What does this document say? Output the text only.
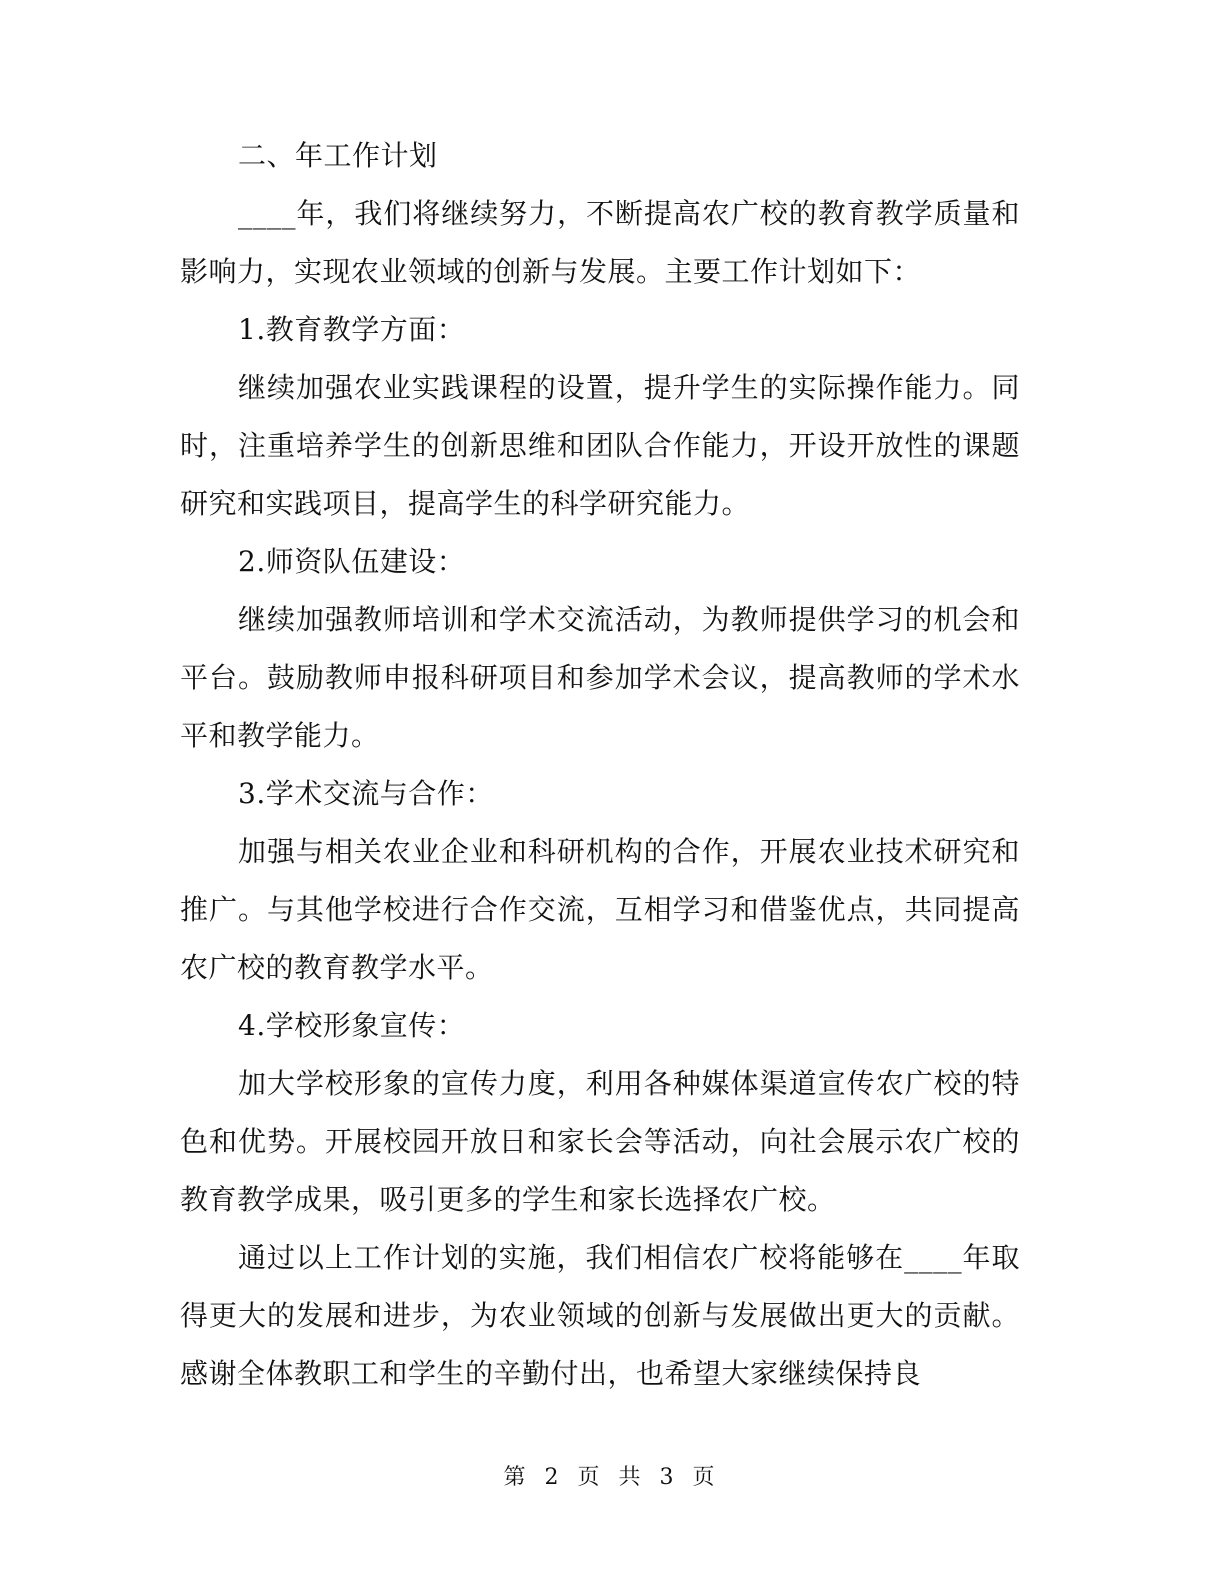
二、年工作计划

____年，我们将继续努力，不断提高农广校的教育教学质量和影响力，实现农业领域的创新与发展。主要工作计划如下：

1.教育教学方面：

继续加强农业实践课程的设置，提升学生的实际操作能力。同时，注重培养学生的创新思维和团队合作能力，开设开放性的课题研究和实践项目，提高学生的科学研究能力。

2.师资队伍建设：

继续加强教师培训和学术交流活动，为教师提供学习的机会和平台。鼓励教师申报科研项目和参加学术会议，提高教师的学术水平和教学能力。

3.学术交流与合作：

加强与相关农业企业和科研机构的合作，开展农业技术研究和推广。与其他学校进行合作交流，互相学习和借鉴优点，共同提高农广校的教育教学水平。

4.学校形象宣传：

加大学校形象的宣传力度，利用各种媒体渠道宣传农广校的特色和优势。开展校园开放日和家长会等活动，向社会展示农广校的教育教学成果，吸引更多的学生和家长选择农广校。

通过以上工作计划的实施，我们相信农广校将能够在____年取得更大的发展和进步，为农业领域的创新与发展做出更大的贡献。感谢全体教职工和学生的辛勤付出，也希望大家继续保持良

第 2 页 共 3 页
